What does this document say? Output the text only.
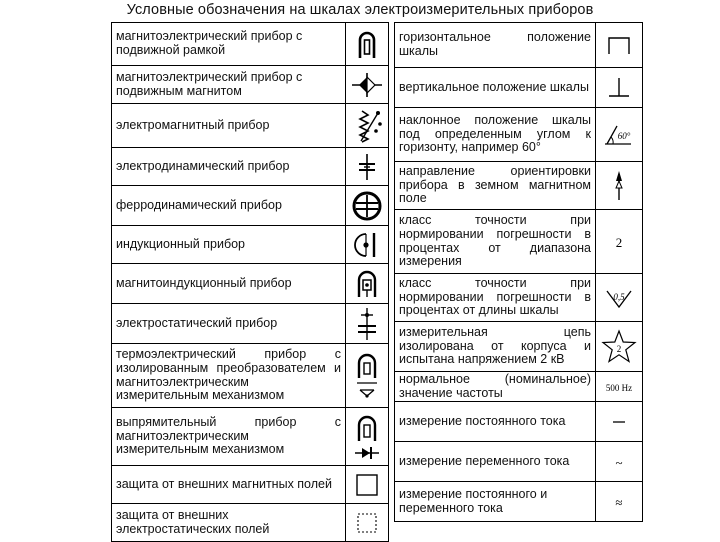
Условные обозначения на шкалах электроизмерительных приборов
магнитоэлектрический прибор с подвижной рамкой

магнитоэлектрический прибор с подвижным магнитом

электромагнитный прибор

электродинамический прибор

ферродинамический прибор

индукционный прибор

магнитоиндукционный прибор

электростатический прибор

термоэлектрический прибор с изолированным преобразователем и магнитоэлектрическим измерительным механизмом

выпрямительный прибор с магнитоэлектрическим измерительным механизмом

защита от внешних магнитных полей

защита от внешних электростатических полей

горизонтальное положение шкалы

вертикальное положение шкалы

наклонное положение шкалы под определенным углом к горизонту, например 60°	60°

направление ориентировки прибора в земном магнитном поле

класс точности при нормировании погрешности в процентах от диапазона измерения	2

класс точности при нормировании погрешности в процентах от длины шкалы	0,5

измерительная цепь изолирована от корпуса и испытана напряжением 2 кВ	2

нормальное (номинальное) значение частоты	500 Hz

измерение постоянного тока

измерение переменного тока	~

измерение постоянного и переменного тока	≈
